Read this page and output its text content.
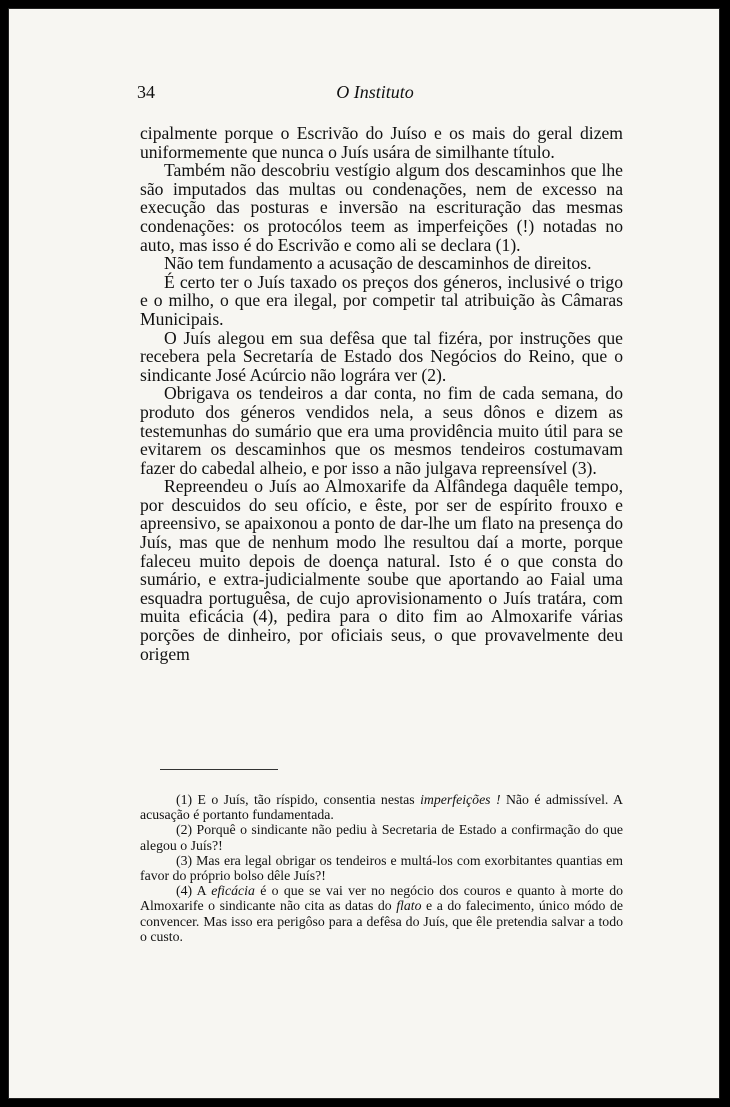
34	O Instituto

cipalmente porque o Escrivão do Juíso e os mais do geral dizem uniformemente que nunca o Juís usára de similhante título.

Também não descobriu vestígio algum dos descaminhos que lhe são imputados das multas ou condenações, nem de excesso na execução das posturas e inversão na escrituração das mesmas condenações: os protocólos teem as imperfeições (!) notadas no auto, mas isso é do Escrivão e como ali se declara (1).

Não tem fundamento a acusação de descaminhos de direitos.

É certo ter o Juís taxado os preços dos géneros, inclusivé o trigo e o milho, o que era ilegal, por competir tal atribuição às Câmaras Municipais.

O Juís alegou em sua defêsa que tal fizéra, por instruções que recebera pela Secretaría de Estado dos Negócios do Reino, que o sindicante José Acúrcio não lográra ver (2).

Obrigava os tendeiros a dar conta, no fim de cada semana, do produto dos géneros vendidos nela, a seus dônos e dizem as testemunhas do sumário que era uma providência muito útil para se evitarem os descaminhos que os mesmos tendeiros costumavam fazer do cabedal alheio, e por isso a não julgava repreensível (3).

Repreendeu o Juís ao Almoxarife da Alfândega daquêle tempo, por descuidos do seu ofício, e êste, por ser de espírito frouxo e apreensivo, se apaixonou a ponto de dar-lhe um flato na presença do Juís, mas que de nenhum modo lhe resultou daí a morte, porque faleceu muito depois de doença natural. Isto é o que consta do sumário, e extra-judicialmente soube que aportando ao Faial uma esquadra portuguêsa, de cujo aprovisionamento o Juís tratára, com muita eficácia (4), pedira para o dito fim ao Almoxarife várias porções de dinheiro, por oficiais seus, o que provavelmente deu origem

(1) E o Juís, tão ríspido, consentia nestas imperfeições ! Não é admissível. A acusação é portanto fundamentada.

(2) Porquê o sindicante não pediu à Secretaria de Estado a confirmação do que alegou o Juís?!

(3) Mas era legal obrigar os tendeiros e multá-los com exorbitantes quantias em favor do próprio bolso dêle Juís?!

(4) A eficácia é o que se vai ver no negócio dos couros e quanto à morte do Almoxarife o sindicante não cita as datas do flato e a do falecimento, único módo de convencer. Mas isso era perigôso para a defêsa do Juís, que êle pretendia salvar a todo o custo.
